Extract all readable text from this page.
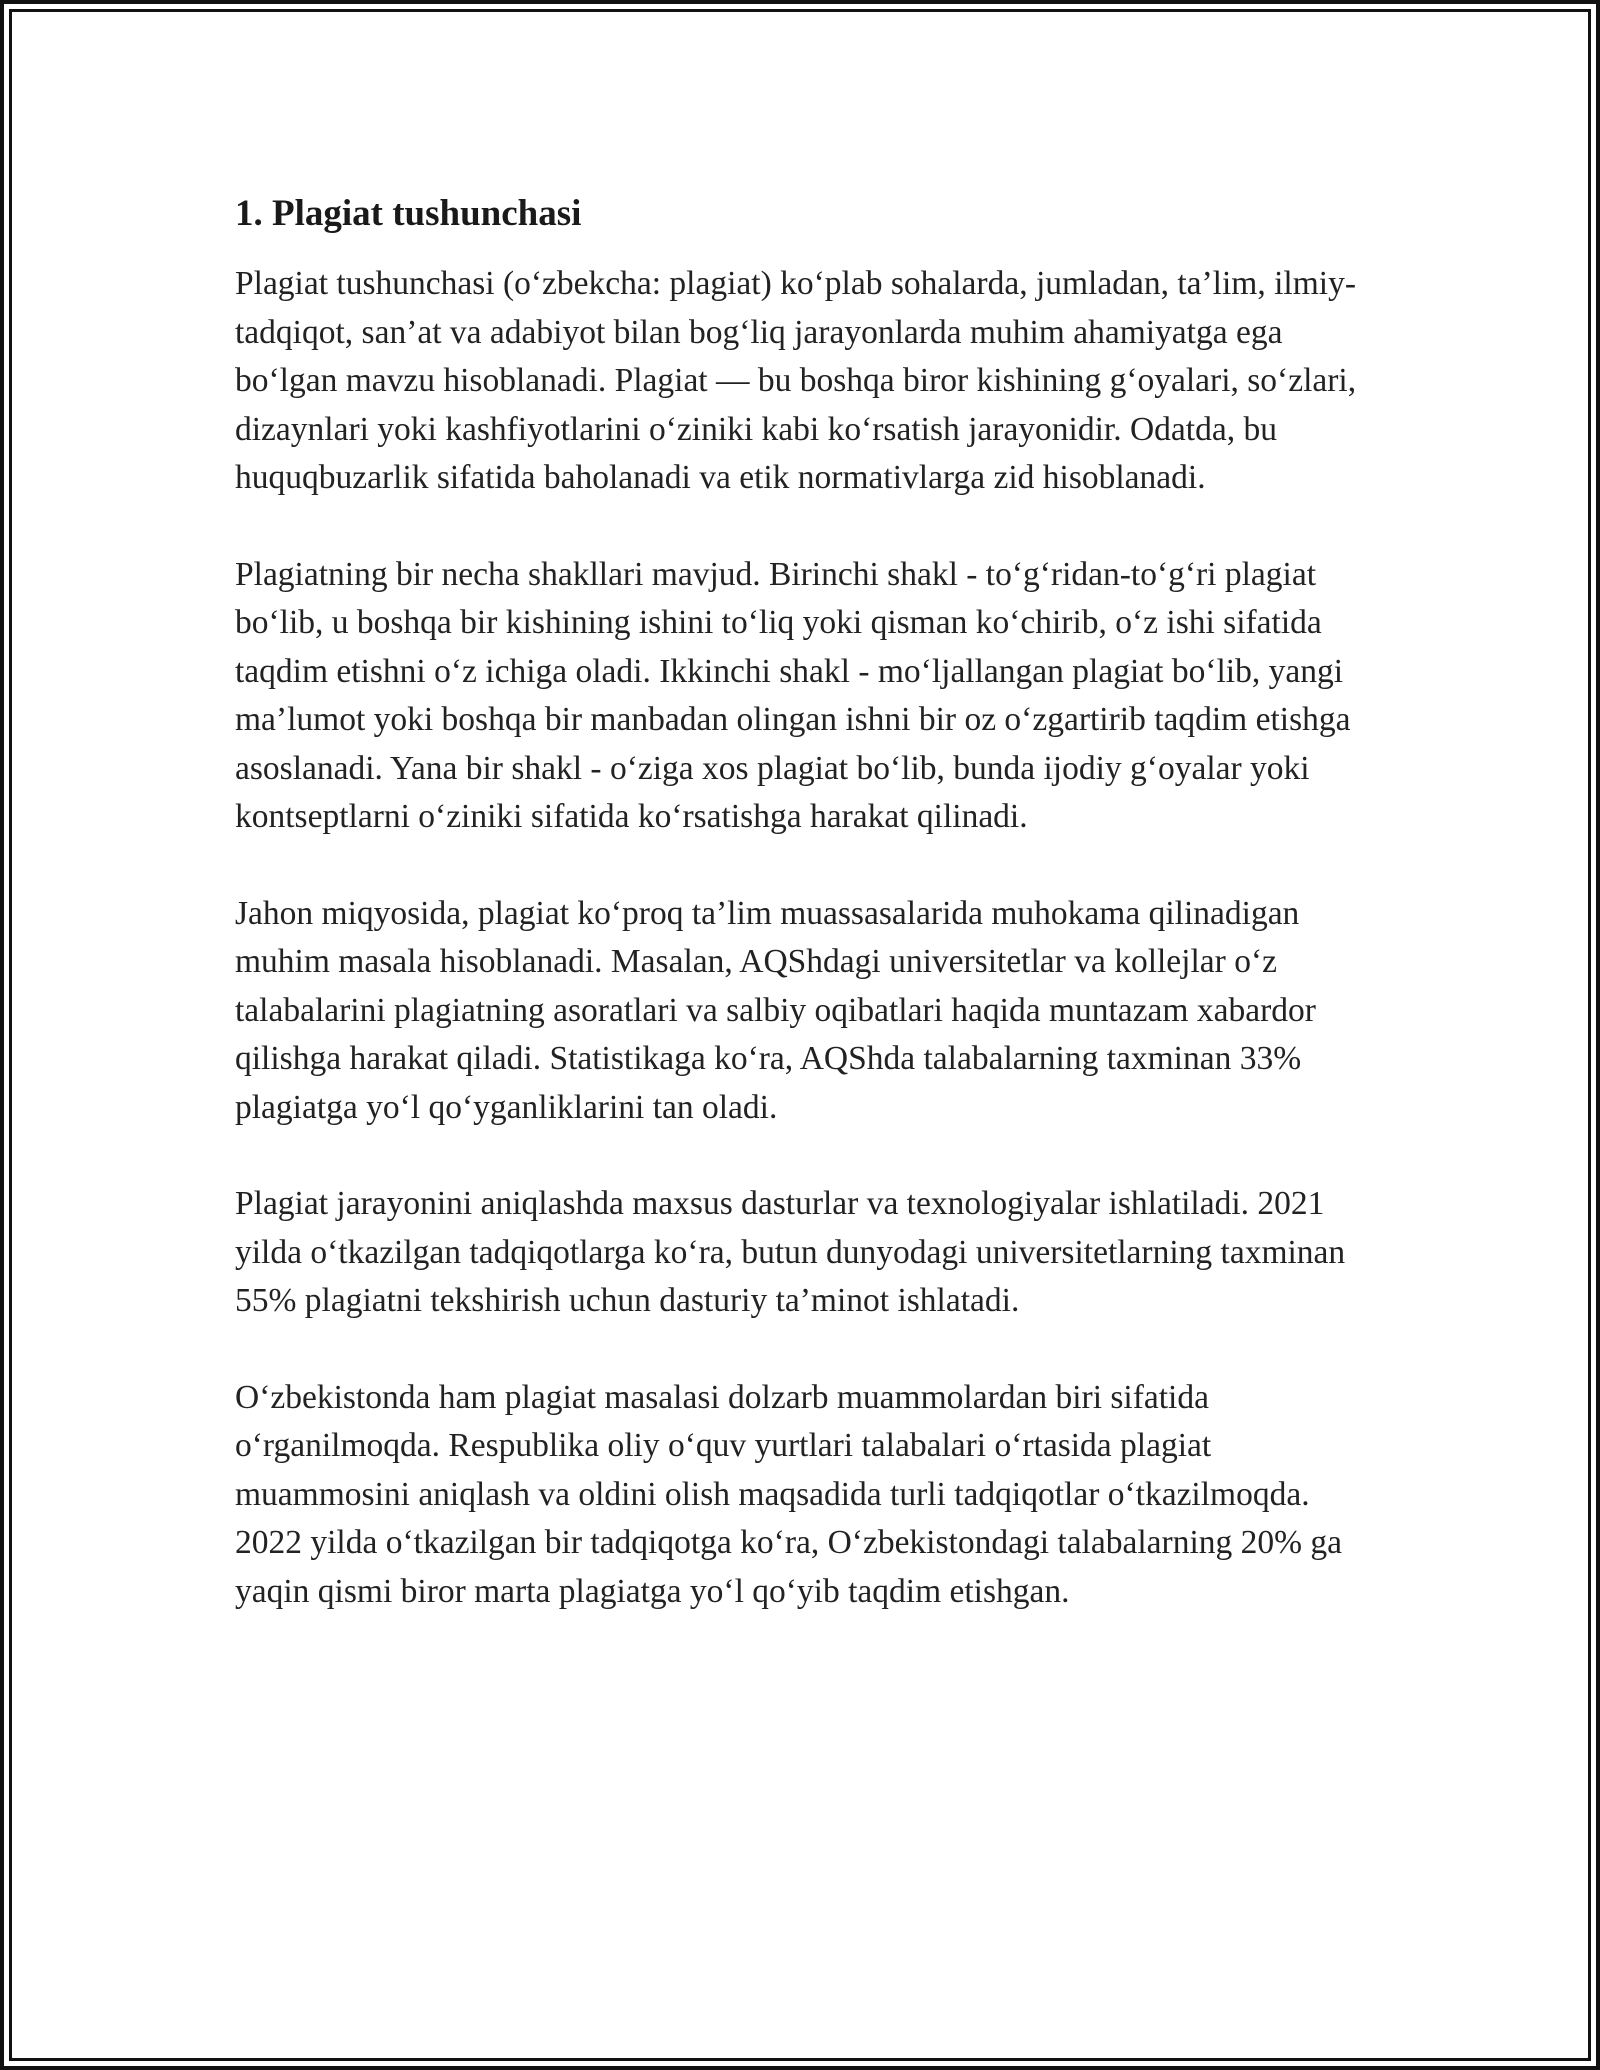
1. Plagiat tushunchasi

Plagiat tushunchasi (o‘zbekcha: plagiat) ko‘plab sohalarda, jumladan, ta’lim, ilmiy-tadqiqot, san’at va adabiyot bilan bog‘liq jarayonlarda muhim ahamiyatga ega bo‘lgan mavzu hisoblanadi. Plagiat — bu boshqa biror kishining g‘oyalari, so‘zlari, dizaynlari yoki kashfiyotlarini o‘ziniki kabi ko‘rsatish jarayonidir. Odatda, bu huquqbuzarlik sifatida baholanadi va etik normativlarga zid hisoblanadi.

Plagiatning bir necha shakllari mavjud. Birinchi shakl - to‘g‘ridan-to‘g‘ri plagiat bo‘lib, u boshqa bir kishining ishini to‘liq yoki qisman ko‘chirib, o‘z ishi sifatida taqdim etishni o‘z ichiga oladi. Ikkinchi shakl - mo‘ljallangan plagiat bo‘lib, yangi ma’lumot yoki boshqa bir manbadan olingan ishni bir oz o‘zgartirib taqdim etishga asoslanadi. Yana bir shakl - o‘ziga xos plagiat bo‘lib, bunda ijodiy g‘oyalar yoki kontseptlarni o‘ziniki sifatida ko‘rsatishga harakat qilinadi.

Jahon miqyosida, plagiat ko‘proq ta’lim muassasalarida muhokama qilinadigan muhim masala hisoblanadi. Masalan, AQShdagi universitetlar va kollejlar o‘z talabalarini plagiatning asoratlari va salbiy oqibatlari haqida muntazam xabardor qilishga harakat qiladi. Statistikaga ko‘ra, AQShda talabalarning taxminan 33% plagiatga yo‘l qo‘yganliklarini tan oladi.

Plagiat jarayonini aniqlashda maxsus dasturlar va texnologiyalar ishlatiladi. 2021 yilda o‘tkazilgan tadqiqotlarga ko‘ra, butun dunyodagi universitetlarning taxminan 55% plagiatni tekshirish uchun dasturiy ta’minot ishlatadi.

O‘zbekistonda ham plagiat masalasi dolzarb muammolardan biri sifatida o‘rganilmoqda. Respublika oliy o‘quv yurtlari talabalari o‘rtasida plagiat muammosini aniqlash va oldini olish maqsadida turli tadqiqotlar o‘tkazilmoqda. 2022 yilda o‘tkazilgan bir tadqiqotga ko‘ra, O‘zbekistondagi talabalarning 20% ga yaqin qismi biror marta plagiatga yo‘l qo‘yib taqdim etishgan.
